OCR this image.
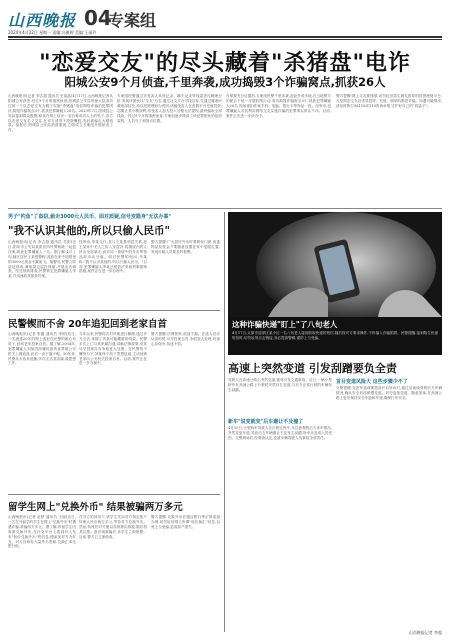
山西晚报 04
专案组
2024年4月22日 星期一 责编:冯雅婷 美编:王丽玲
"恋爱交友"的尽头藏着"杀猪盘"电诈
阳城公安9个月侦查,千里奔袭,成功捣毁3个诈骗窝点,抓获26人
山西晚报讯(记者 李吉超 通讯员 史晶晶)4月17日,山西晚报记者从阳城公安获悉:经过9个月的缜密侦查,阳城县公安局刑侦大队成功打掉一个以恋爱交友为幌子实施"杀猪盘"电信网络诈骗的犯罪团伙,捣毁诈骗窝点3个,抓获犯罪嫌疑人26名。2023年7月,阳城县公安局接到群众报警,称其在网上结识一名自称成功人士的男子,双方以恋爱交友名义交往,在对方诱导下投资赚钱,先后被骗走大额钱款。接报后,阳城县公安局高度重视,立即成立专案组开展侦查工作。
专案组民警通过对受害人转账记录、聊天记录等线索进行梳理分析,发现该团伙以"交友"为名,通过社交平台寻找目标,先通过嘘寒问暖取得信任,再以投资理财为诱饵,诱骗受害人在虚假平台充值投资,初期让其小额获利,待受害人加大投入后便无法提现,最终骗取全部钱款。经过9个月的缜密侦查,专案组逐步摸清了该犯罪团伙的组织架构、人员分工和窝点位置。
在掌握充分证据后,专案组民警千里奔袭,赶赴外省多地,在当地警方的配合下统一开展收网行动,成功捣毁诈骗窝点3个,抓获犯罪嫌疑人26名,现场查扣作案手机、电脑、银行卡等物品一批。经审讯,犯罪嫌疑人对其利用网络交友实施诈骗的犯罪事实供认不讳。目前,案件正在进一步侦办中。
警方提醒:网上交友要谨慎,切勿轻信陌生网友推荐的投资理财平台,凡是网恋交友后诱导投资、充值、刷单的都是诈骗。如遇可疑情况,请及时拨打96110或110咨询举报,守护好自己的"钱袋子"。
男子"钓鱼"了盗窃,偷走3000元人民币、面对质疑,信号变隐身"无法办案"
"我不认识其他的,所以只偷人民币"
山西晚报讯(记者 李吉超 通讯员 苏阳)近日,阳泉市公安局某派出所民警侦破一起盗窃案,抓获犯罪嫌疑人一名。据了解,4月上旬,辖区居民王某报警称,其放在家中抽屉里的3000元现金不翼而飞。接警后,民警立即赶赴现场,调取周边监控视频,开展走访调查。经过细致排查,民警锁定犯罪嫌疑人李某,并迅速将其抓获归案。
经审讯,李某交代,其与王某系邻居关系,趁王某家中无人之际入室盗窃,将抽屉内的人民币全部拿走,而对同一抽屉中的外币等物品却未动分毫。面对民警的询问,李某称:"我不认识其他的,所以只偷人民币。"目前,犯罪嫌疑人李某已被依法采取刑事强制措施,案件正在进一步办理中。
警方提醒:广大居民外出时要锁好门窗,贵重物品及现金不要随意放置在家中显眼位置,发现可疑人员要及时报警。
民警锲而不舍 20年追犯回到老家自首
山西晚报讯(记者 张璐 通讯员 李婷)近日,一名潜逃20年的网上逃犯在民警的耐心劝说下,回到老家投案自首。据了解,2004年,犯罪嫌疑人刘某因涉嫌故意伤害罪被公安机关上网追逃,此后一直下落不明。20年来,民警从未放弃追捕,多次走访其亲属,做思想工作。
今年以来,民警再次对该案进行梳理,通过多方走访,掌握了刘某可能藏匿的线索。民警多次上门与其家属沟通,讲解法律政策,劝其尽早投案自首争取宽大处理。在民警的不懈努力下,刘某终于放下思想包袱,主动回到老家向公安机关投案自首。目前,案件正在进一步办理中。
警方提醒:法网恢恢,疏而不漏。在逃人员应认清形势,尽早投案自首,争取宽大处理,切莫心存侥幸,执迷不悟。
留学生网上"兑换外币" 结果被骗两万多元
山西晚报讯(记者 赵梦 通讯员 王丽)近日,一名在外留学的学生在网上"兑换外币"时遭遇诈骗,被骗两万多元。据了解,该留学生因需要兑换外币,在社交平台上看到有人发布"低价兑换外币"的信息,便添加对方为好友。对方自称有大量外币资源,兑换汇率比银行低。
在对方的诱导下,该学生先向对方指定账户转账人民币两万多元,等待对方兑换外币。然而,转账后对方便以各种理由推脱,随后将其拉黑。意识到被骗后,该学生立即报警。目前,警方已立案侦查。
警方提醒:兑换外币应通过银行等正规渠道办理,切勿轻信网上所谓"低价换汇"信息,以免上当受骗,造成财产损失。
这种诈骗快递"盯上"了八旬老人
4月17日,太原市迎泽区某小区一名八旬老人接到收取快递的短信,随后按对方要求操作,不料落入诈骗陷阱。民警提醒,接到陌生快递短信时,切勿轻易点击链接,务必提高警惕,谨防上当受骗。
高速上突然变道 引发刮蹭要负全责
驾驶人在高速公路上突然变道,极易引发交通事故。近日,一辆小型轿车在高速公路上行驶时突然向左变道,与后方正常行驶的车辆发生刮蹭。
新车"说变就变"后车避让不及撞了
4月10日,小型轿车驾驶人在行驶过程中,未注意观察后方来车情况,突然变更车道,导致后方车辆避让不及发生刮蹭,所幸未造成人员受伤。交警到场后,经调查认定,变道车辆驾驶人负事故全部责任。
首目变道风险大 这些步骤少不了
交警提醒:变更车道前要提前开启转向灯,通过后视镜观察后方车辆情况,确认安全后再缓慢变道。切勿连续变道、随意加塞,在高速公路上更应保持安全车距和车速,确保行车安全。
山西晚报记者 李超
